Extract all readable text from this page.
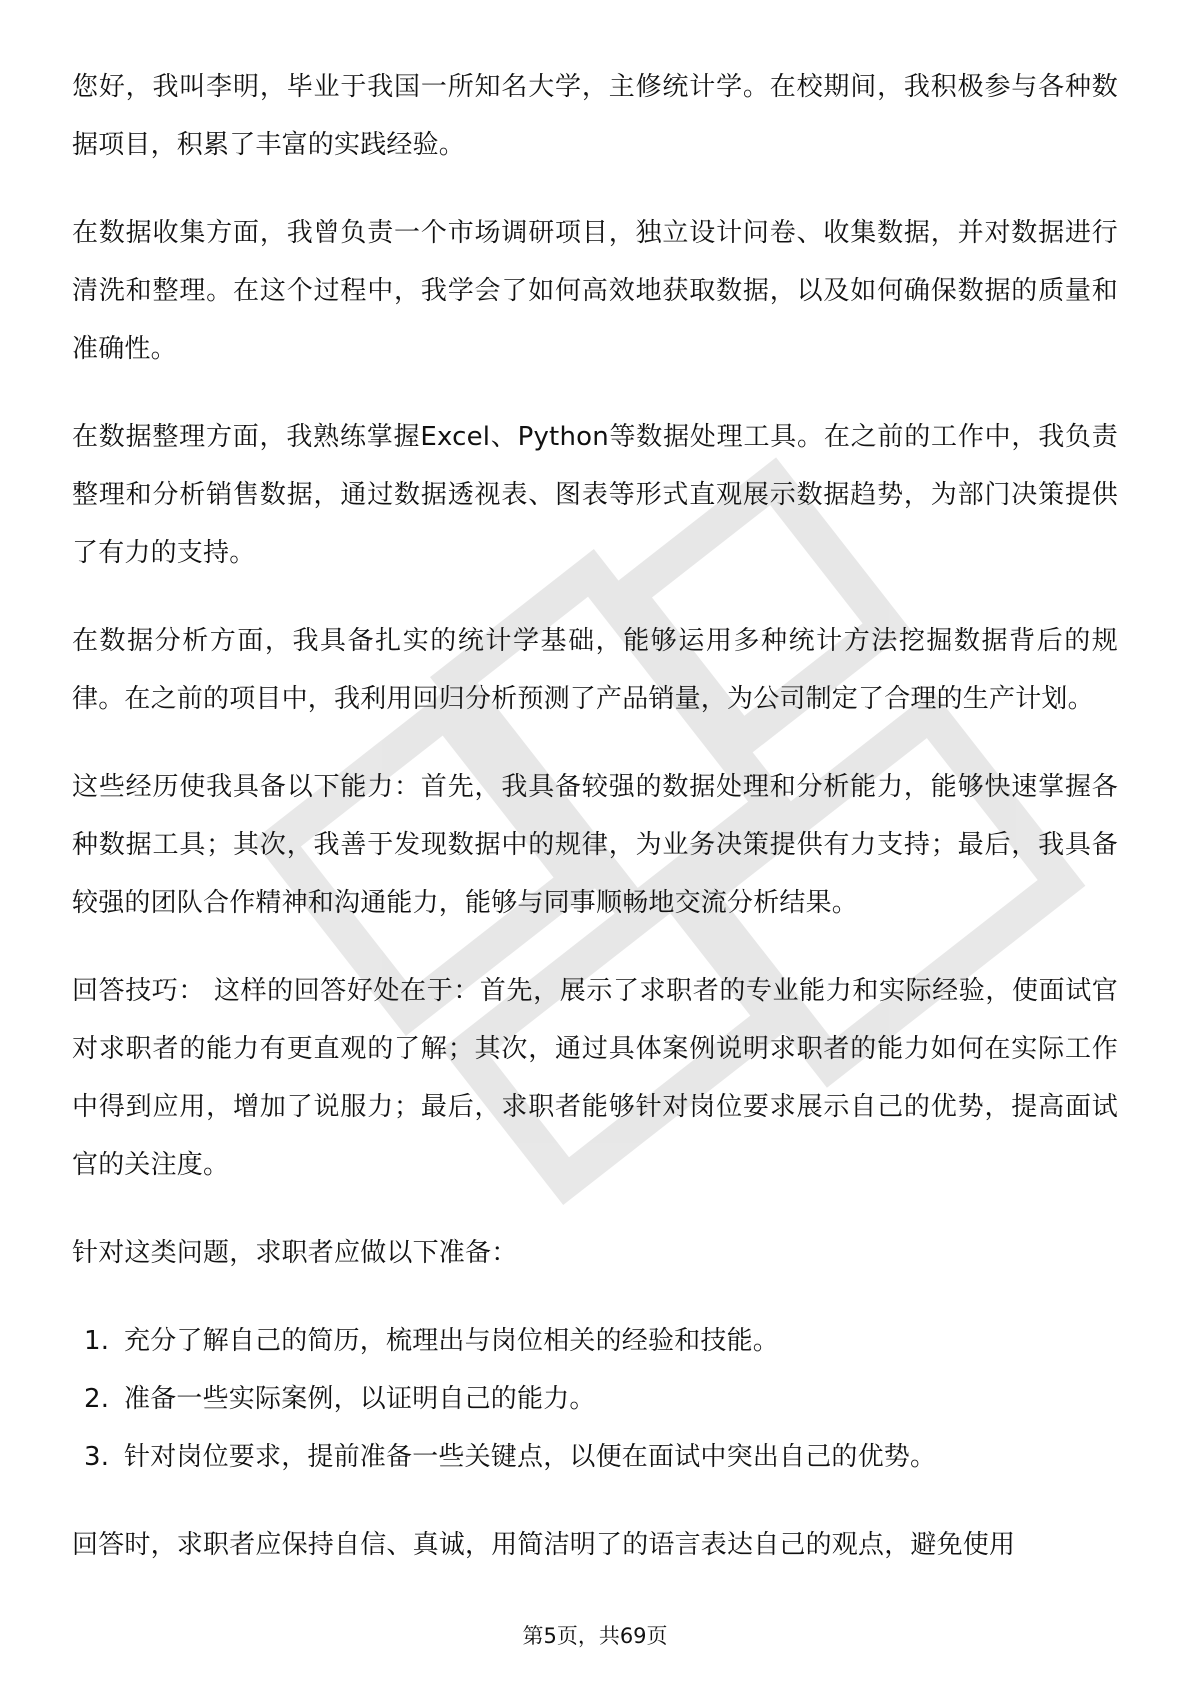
您好，我叫李明，毕业于我国一所知名大学，主修统计学。在校期间，我积极参与各种数据项目，积累了丰富的实践经验。

在数据收集方面，我曾负责一个市场调研项目，独立设计问卷、收集数据，并对数据进行清洗和整理。在这个过程中，我学会了如何高效地获取数据，以及如何确保数据的质量和准确性。

在数据整理方面，我熟练掌握Excel、Python等数据处理工具。在之前的工作中，我负责整理和分析销售数据，通过数据透视表、图表等形式直观展示数据趋势，为部门决策提供了有力的支持。

在数据分析方面，我具备扎实的统计学基础，能够运用多种统计方法挖掘数据背后的规律。在之前的项目中，我利用回归分析预测了产品销量，为公司制定了合理的生产计划。

这些经历使我具备以下能力：首先，我具备较强的数据处理和分析能力，能够快速掌握各种数据工具；其次，我善于发现数据中的规律，为业务决策提供有力支持；最后，我具备较强的团队合作精神和沟通能力，能够与同事顺畅地交流分析结果。

回答技巧： 这样的回答好处在于：首先，展示了求职者的专业能力和实际经验，使面试官对求职者的能力有更直观的了解；其次，通过具体案例说明求职者的能力如何在实际工作中得到应用，增加了说服力；最后，求职者能够针对岗位要求展示自己的优势，提高面试官的关注度。

针对这类问题，求职者应做以下准备：

1. 充分了解自己的简历，梳理出与岗位相关的经验和技能。
2. 准备一些实际案例，以证明自己的能力。
3. 针对岗位要求，提前准备一些关键点，以便在面试中突出自己的优势。

回答时，求职者应保持自信、真诚，用简洁明了的语言表达自己的观点，避免使用

第5页，共69页
